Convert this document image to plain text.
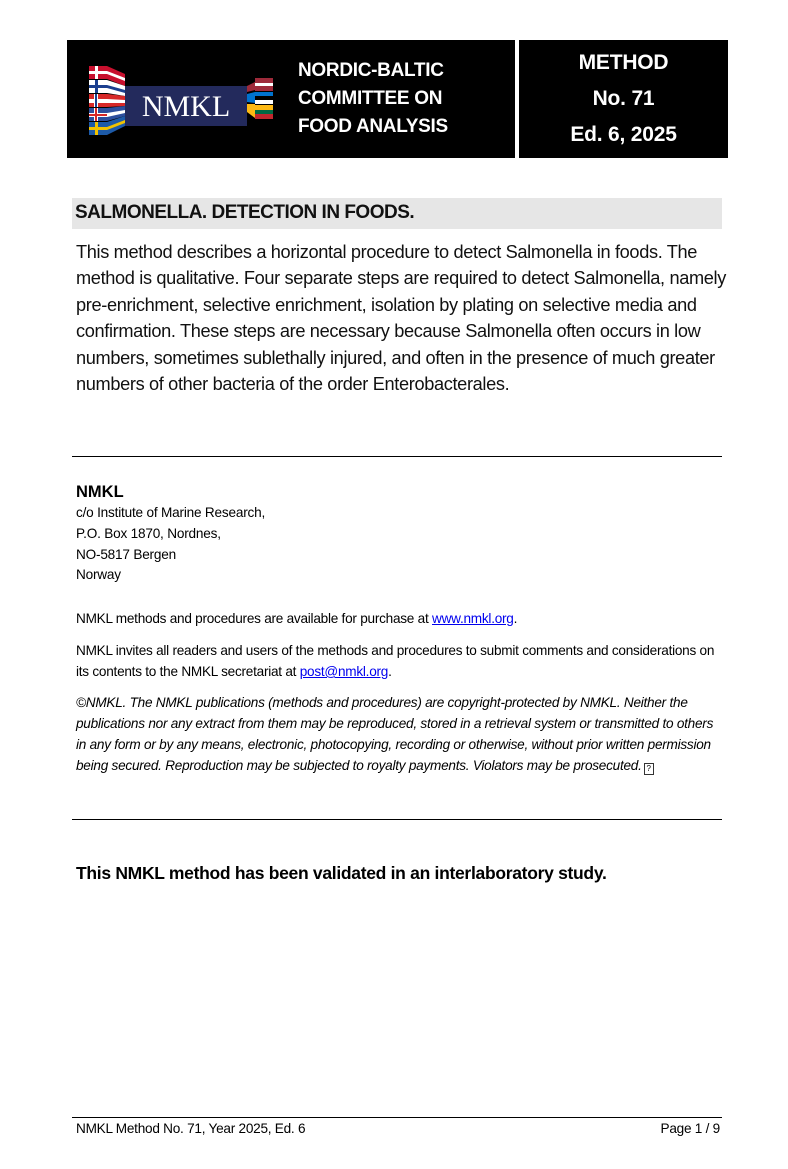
NMKL
NORDIC-BALTIC
COMMITTEE ON
FOOD ANALYSIS
METHOD
No. 71
Ed. 6, 2025
SALMONELLA. DETECTION IN FOODS.
This method describes a horizontal procedure to detect Salmonella in foods. The method is qualitative. Four separate steps are required to detect Salmonella, namely pre-enrichment, selective enrichment, isolation by plating on selective media and confirmation. These steps are necessary because Salmonella often occurs in low numbers, sometimes sublethally injured, and often in the presence of much greater numbers of other bacteria of the order Enterobacterales.
NMKL
c/o Institute of Marine Research,
P.O. Box 1870, Nordnes,
NO-5817 Bergen
Norway
NMKL methods and procedures are available for purchase at www.nmkl.org.
NMKL invites all readers and users of the methods and procedures to submit comments and considerations on its contents to the NMKL secretariat at post@nmkl.org.
©NMKL. The NMKL publications (methods and procedures) are copyright-protected by NMKL. Neither the publications nor any extract from them may be reproduced, stored in a retrieval system or transmitted to others in any form or by any means, electronic, photocopying, recording or otherwise, without prior written permission being secured. Reproduction may be subjected to royalty payments. Violators may be prosecuted. ?
This NMKL method has been validated in an interlaboratory study.
NMKL Method No. 71, Year 2025, Ed. 6	Page 1 / 9
